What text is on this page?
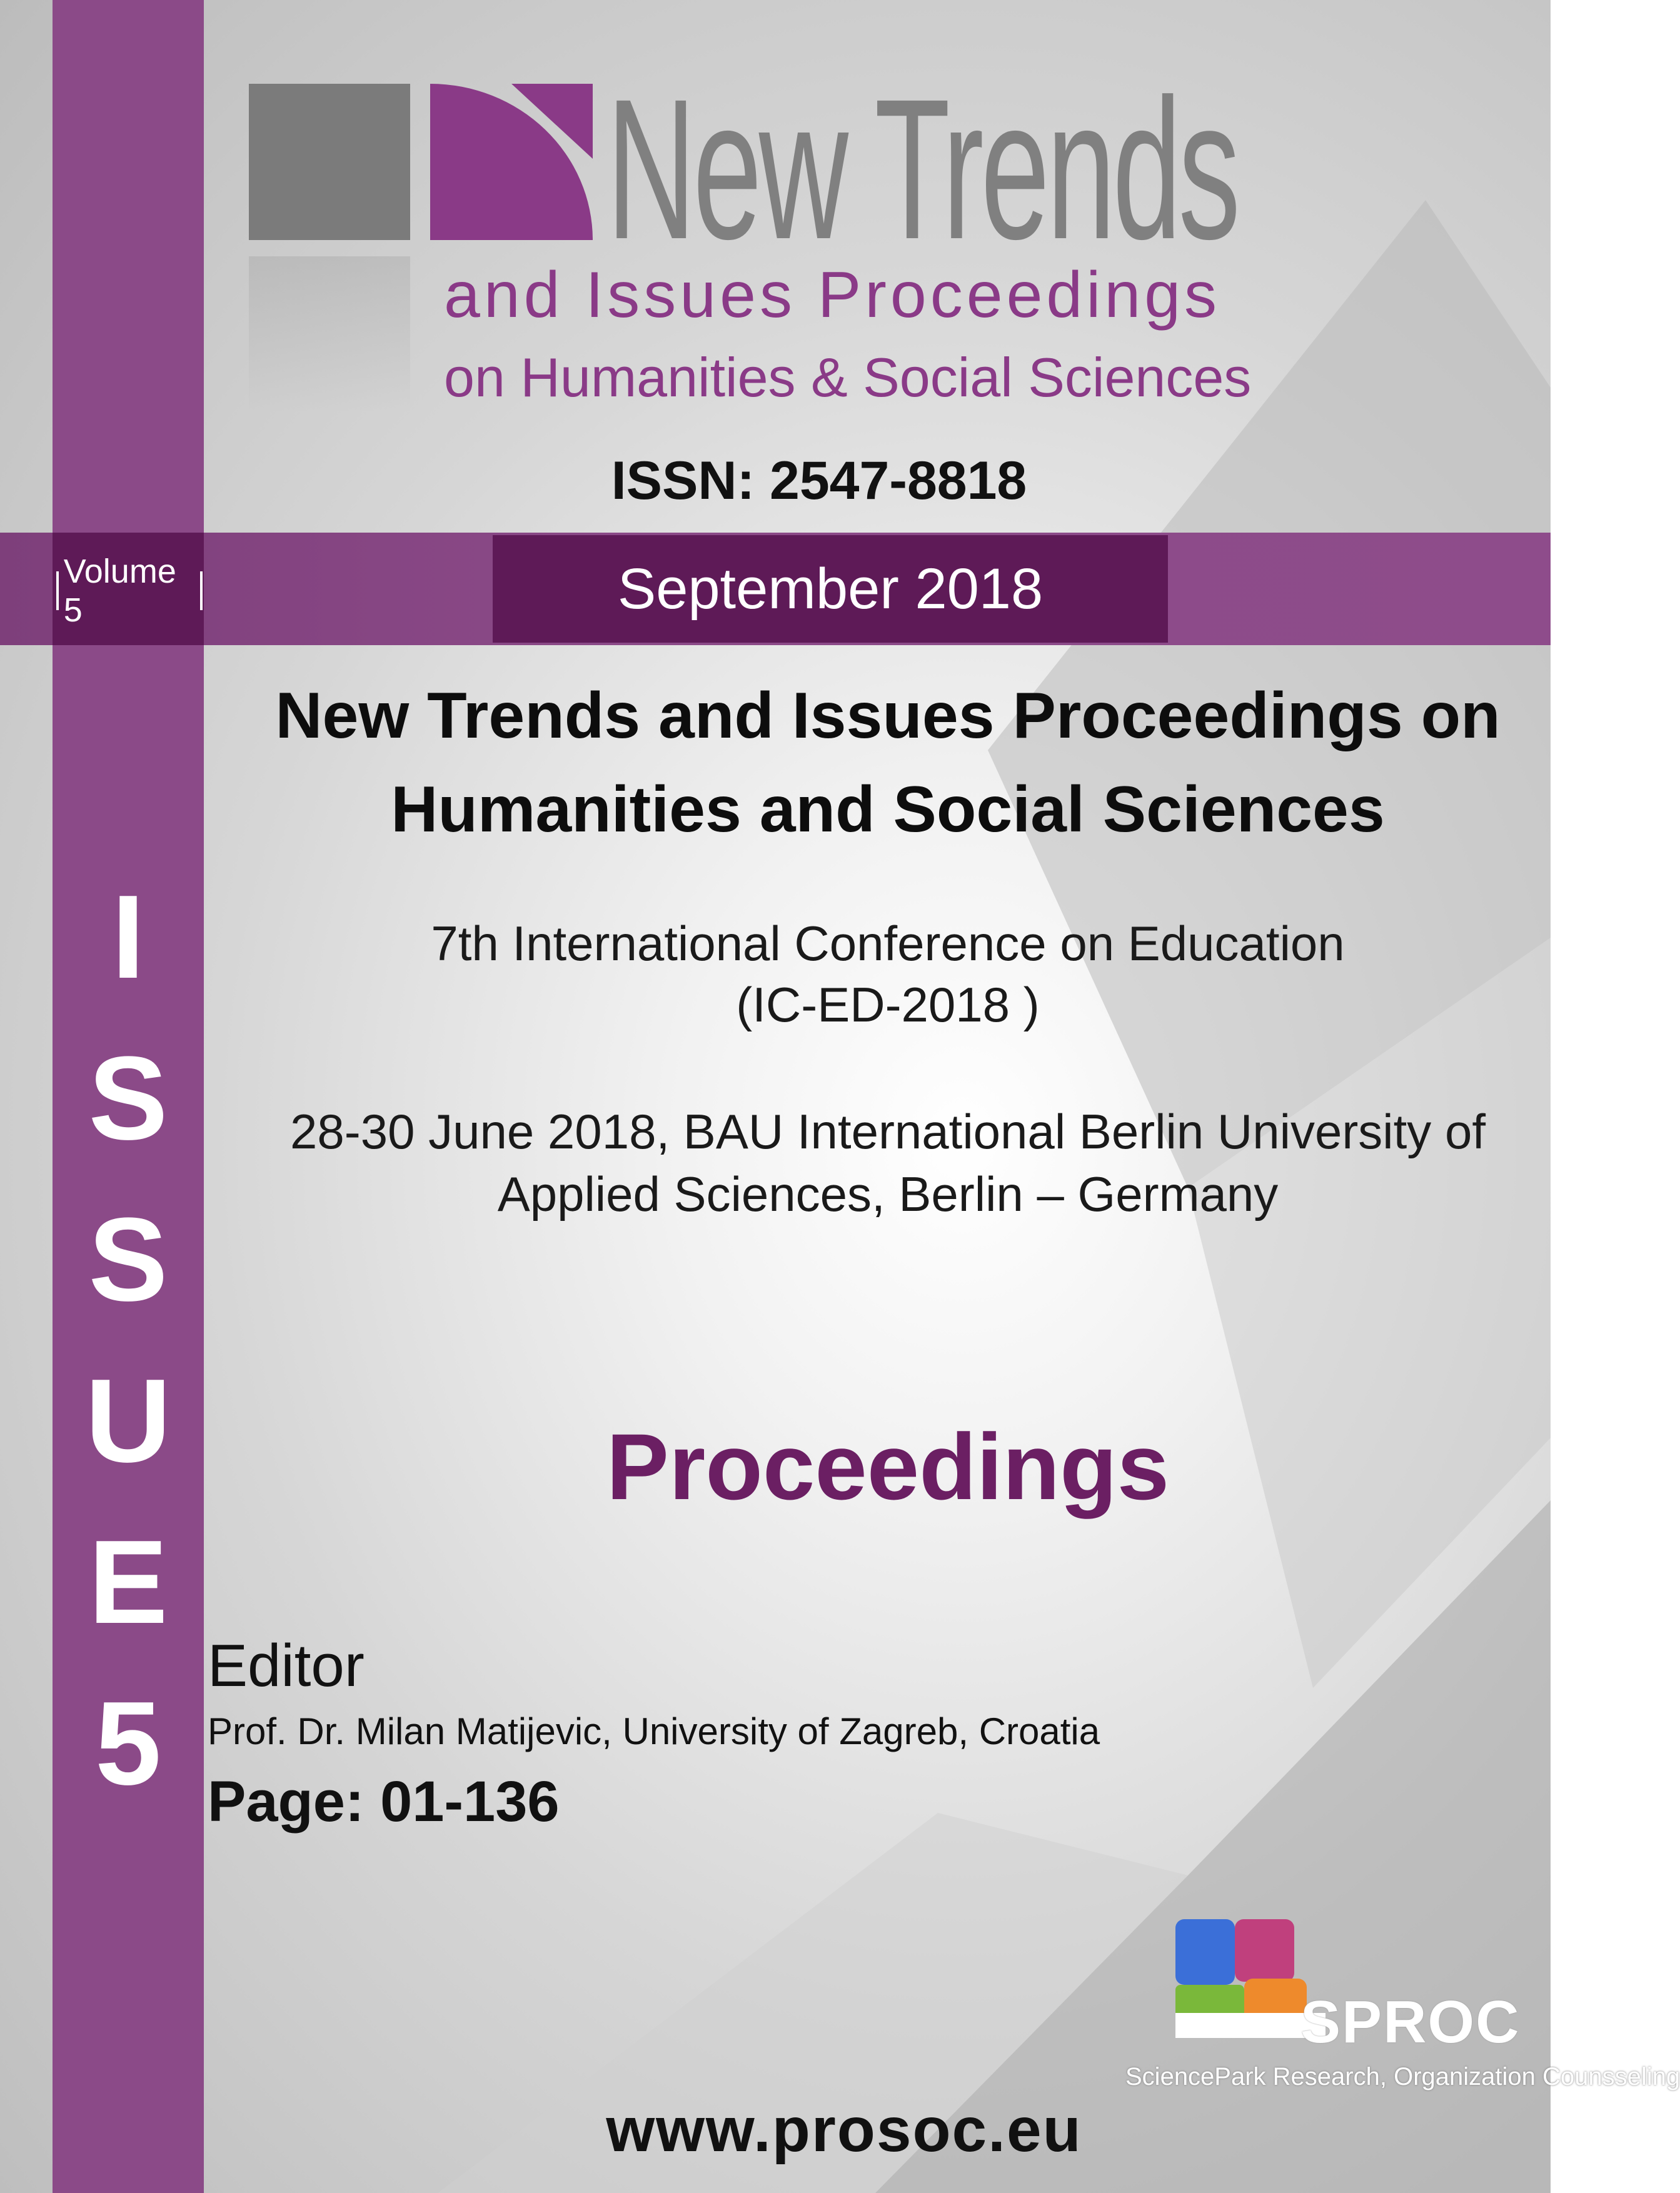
New Trends
and Issues Proceedings
on Humanities & Social Sciences
ISSN: 2547-8818
Volume 5	September 2018
New Trends and Issues Proceedings on
Humanities and Social Sciences
7th International Conference on Education
(IC-ED-2018 )
28-30 June 2018, BAU International Berlin University of
Applied Sciences, Berlin – Germany
Proceedings
I
S
S
U
E
5
Editor
Prof. Dr. Milan Matijevic, University of Zagreb, Croatia
Page: 01-136
SPROC
SciencePark Research, Organization Counsseling
www.prosoc.eu
